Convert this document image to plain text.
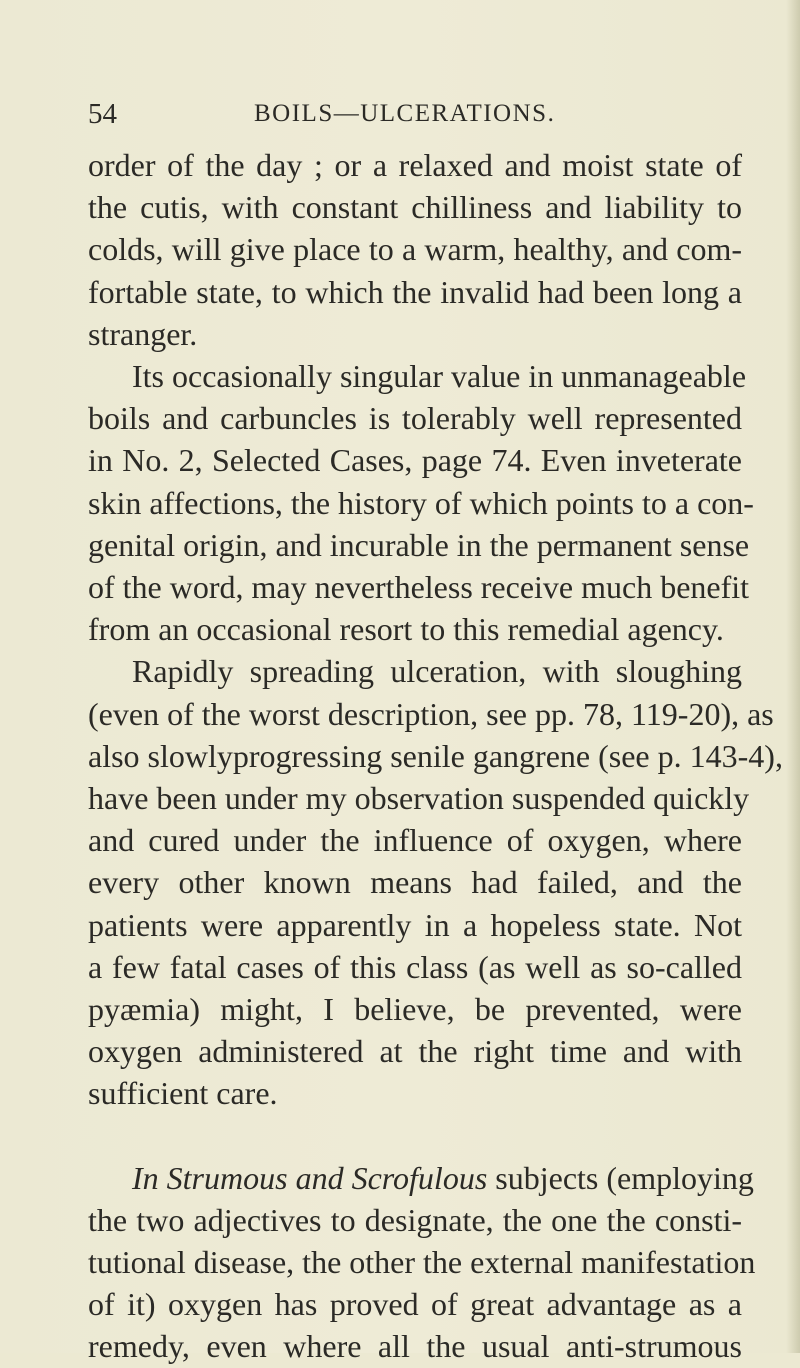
54	BOILS—ULCERATIONS.
order of the day ; or a relaxed and moist state of
the cutis, with constant chilliness and liability to
colds, will give place to a warm, healthy, and com-
fortable state, to which the invalid had been long a
stranger.
Its occasionally singular value in unmanageable
boils and carbuncles is tolerably well represented
in No. 2, Selected Cases, page 74. Even inveterate
skin affections, the history of which points to a con-
genital origin, and incurable in the permanent sense
of the word, may nevertheless receive much benefit
from an occasional resort to this remedial agency.
Rapidly spreading ulceration, with sloughing
(even of the worst description, see pp. 78, 119-20), as
also slowlyprogressing senile gangrene (see p. 143-4),
have been under my observation suspended quickly
and cured under the influence of oxygen, where
every other known means had failed, and the
patients were apparently in a hopeless state. Not
a few fatal cases of this class (as well as so-called
pyæmia) might, I believe, be prevented, were
oxygen administered at the right time and with
sufficient care.
In Strumous and Scrofulous subjects (employing
the two adjectives to designate, the one the consti-
tutional disease, the other the external manifestation
of it) oxygen has proved of great advantage as a
remedy, even where all the usual anti-strumous
